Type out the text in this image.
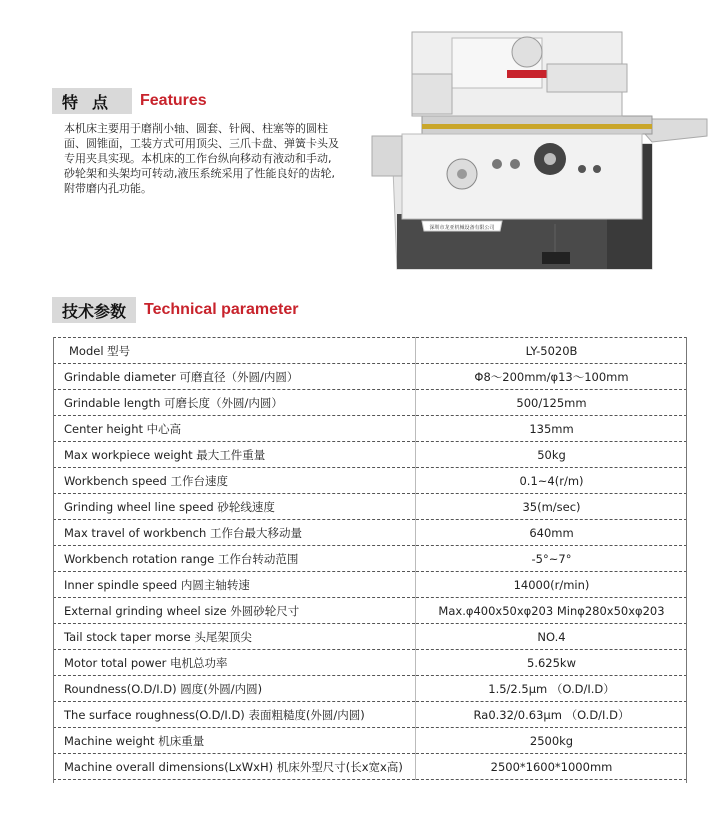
特点	Features
本机床主要用于磨削小轴、圆套、针阀、柱塞等的圆柱面、圆锥面，工装方式可用顶尖、三爪卡盘、弹簧卡头及专用夹具实现。本机床的工作台纵向移动有液动和手动,砂轮架和头架均可转动,液压系统采用了性能良好的齿轮,附带磨内孔功能。
深圳市龙亚机械设备有限公司
技术参数	Technical parameter
Model 型号	LY-5020B
Grindable diameter 可磨直径（外圆/内圆）	Φ8～200mm/φ13～100mm
Grindable length 可磨长度（外圆/内圆）	500/125mm
Center height 中心高	135mm
Max workpiece weight 最大工件重量	50kg
Workbench speed 工作台速度	0.1~4(r/m)
Grinding wheel line speed 砂轮线速度	35(m/sec)
Max travel of workbench 工作台最大移动量	640mm
Workbench rotation range 工作台转动范围	-5°~7°
Inner spindle speed 内圆主轴转速	14000(r/min)
External grinding wheel size 外圆砂轮尺寸	Max.φ400x50xφ203 Minφ280x50xφ203
Tail stock taper morse 头尾架顶尖	NO.4
Motor total power 电机总功率	5.625kw
Roundness(O.D/I.D) 圆度(外圆/内圆)	1.5/2.5μm （O.D/I.D）
The surface roughness(O.D/I.D) 表面粗糙度(外圆/内圆)	Ra0.32/0.63μm （O.D/I.D）
Machine weight 机床重量	2500kg
Machine overall dimensions(LxWxH) 机床外型尺寸(长x宽x高)	2500*1600*1000mm
